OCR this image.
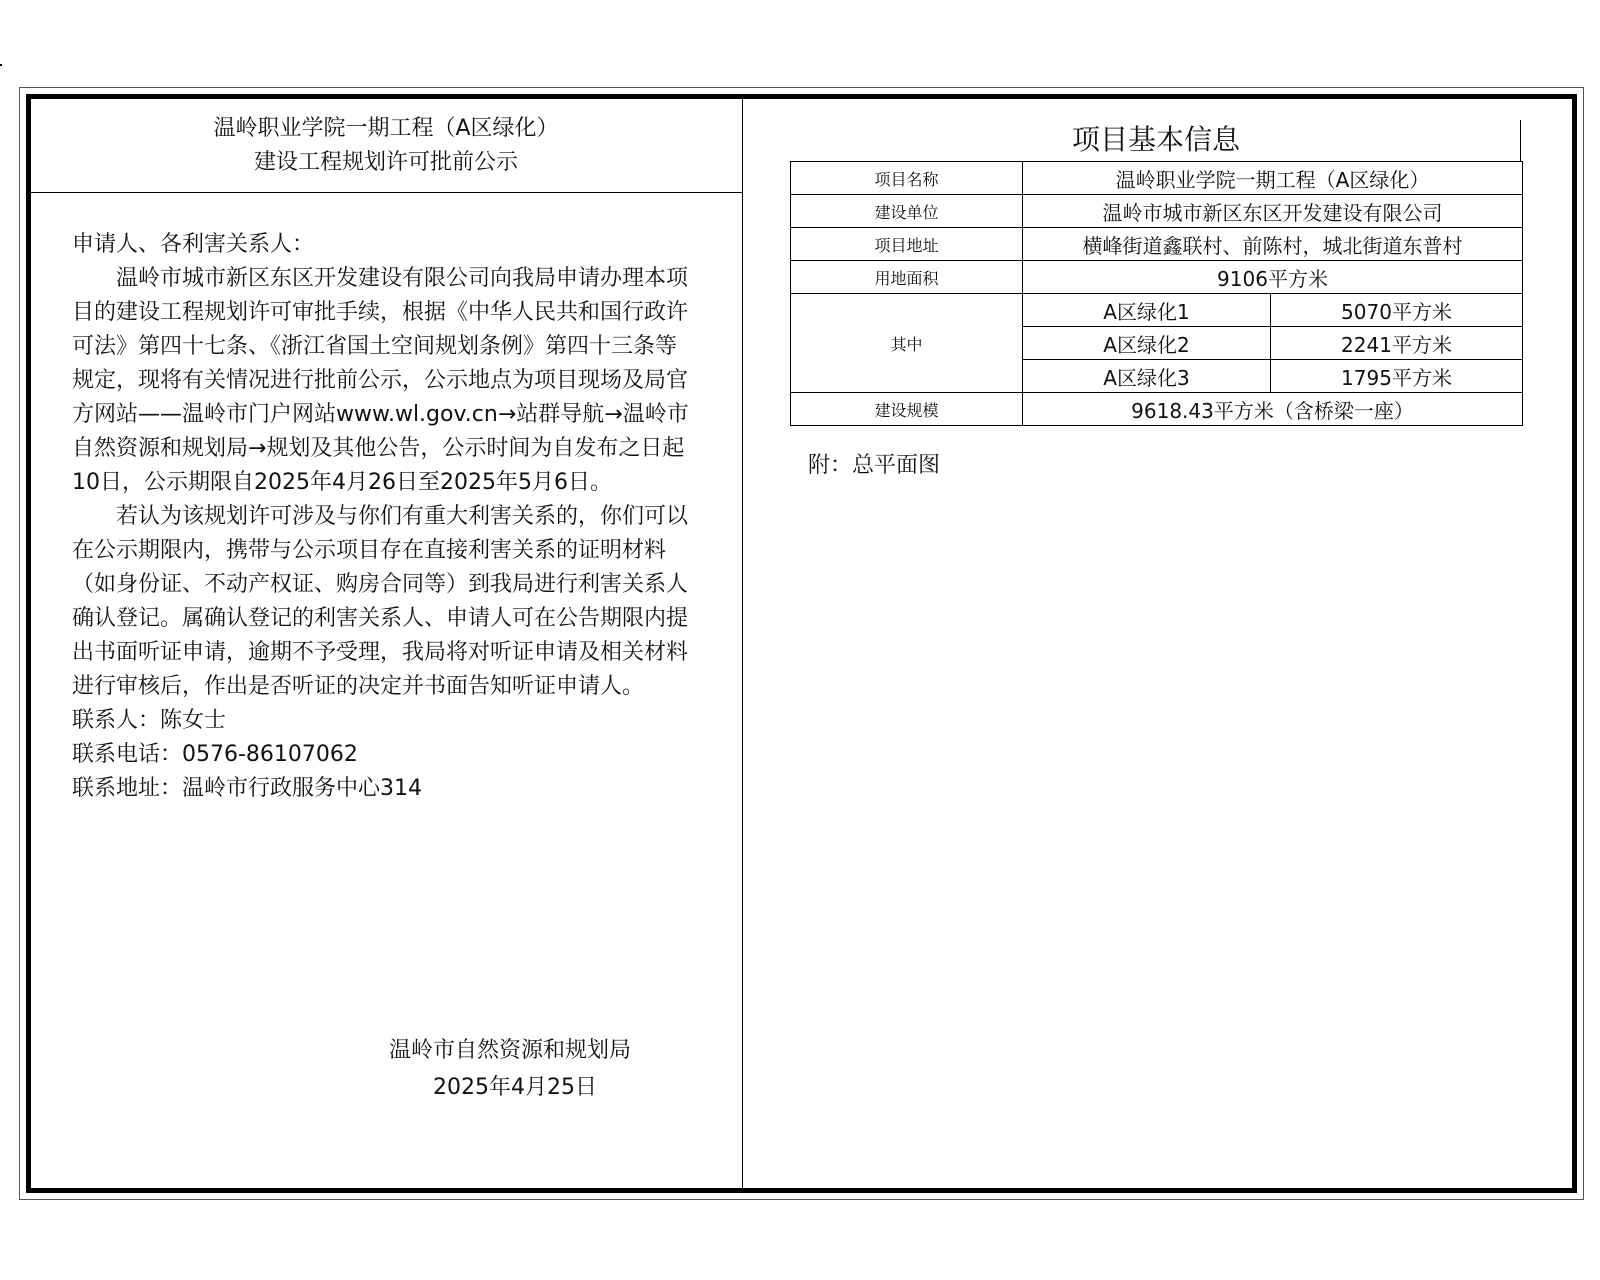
温岭职业学院一期工程（A区绿化）
建设工程规划许可批前公示

申请人、各利害关系人：

温岭市城市新区东区开发建设有限公司向我局申请办理本项目的建设工程规划许可审批手续，根据《中华人民共和国行政许可法》第四十七条、《浙江省国土空间规划条例》第四十三条等规定，现将有关情况进行批前公示，公示地点为项目现场及局官方网站——温岭市门户网站www.wl.gov.cn→站群导航→温岭市自然资源和规划局→规划及其他公告，公示时间为自发布之日起10日，公示期限自2025年4月26日至2025年5月6日。

若认为该规划许可涉及与你们有重大利害关系的，你们可以在公示期限内，携带与公示项目存在直接利害关系的证明材料（如身份证、不动产权证、购房合同等）到我局进行利害关系人确认登记。属确认登记的利害关系人、申请人可在公告期限内提出书面听证申请，逾期不予受理，我局将对听证申请及相关材料进行审核后，作出是否听证的决定并书面告知听证申请人。

联系人：陈女士

联系电话：0576-86107062

联系地址：温岭市行政服务中心314

温岭市自然资源和规划局
2025年4月25日
项目基本信息
项目名称	温岭职业学院一期工程（A区绿化）	
建设单位	温岭市城市新区东区开发建设有限公司	
项目地址	横峰街道鑫联村、前陈村，城北街道东普村	
用地面积	9106平方米	
其中	A区绿化1	5070平方米
	A区绿化2	2241平方米
	A区绿化3	1795平方米
建设规模	9618.43平方米（含桥梁一座）	
附：总平面图
